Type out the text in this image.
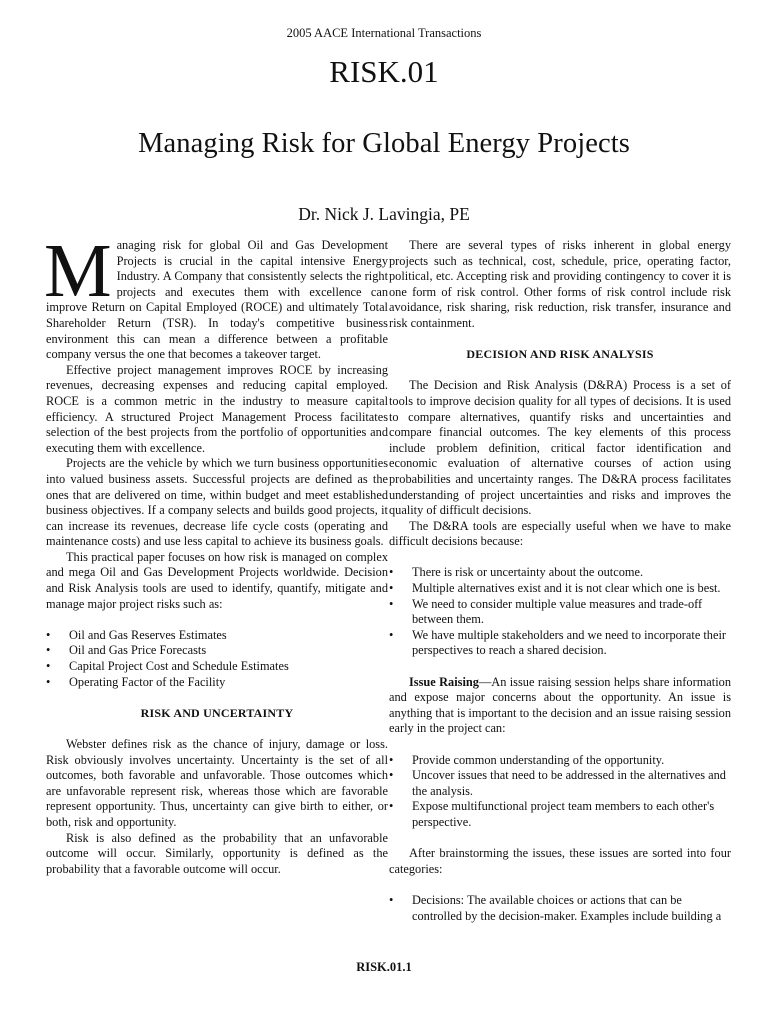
2005 AACE International Transactions
RISK.01
Managing Risk for Global Energy Projects
Dr. Nick J. Lavingia, PE

Managing risk for global Oil and Gas Development Projects is crucial in the capital intensive Energy Industry. A Company that consistently selects the right projects and executes them with excellence can improve Return on Capital Employed (ROCE) and ultimately Total Shareholder Return (TSR). In today's competitive business environment this can mean a difference between a profitable company versus the one that becomes a takeover target.

Effective project management improves ROCE by increasing revenues, decreasing expenses and reducing capital employed. ROCE is a common metric in the industry to measure capital efficiency. A structured Project Management Process facilitates selection of the best projects from the portfolio of opportunities and executing them with excellence.

Projects are the vehicle by which we turn business opportunities into valued business assets. Successful projects are defined as the ones that are delivered on time, within budget and meet established business objectives. If a company selects and builds good projects, it can increase its revenues, decrease life cycle costs (operating and maintenance costs) and use less capital to achieve its business goals.

This practical paper focuses on how risk is managed on complex and mega Oil and Gas Development Projects worldwide. Decision and Risk Analysis tools are used to identify, quantify, mitigate and manage major project risks such as:

• Oil and Gas Reserves Estimates
• Oil and Gas Price Forecasts
• Capital Project Cost and Schedule Estimates
• Operating Factor of the Facility
RISK AND UNCERTAINTY

Webster defines risk as the chance of injury, damage or loss. Risk obviously involves uncertainty. Uncertainty is the set of all outcomes, both favorable and unfavorable. Those outcomes which are unfavorable represent risk, whereas those which are favorable represent opportunity. Thus, uncertainty can give birth to either, or both, risk and opportunity.

Risk is also defined as the probability that an unfavorable outcome will occur. Similarly, opportunity is defined as the probability that a favorable outcome will occur.

There are several types of risks inherent in global energy projects such as technical, cost, schedule, price, operating factor, political, etc. Accepting risk and providing contingency to cover it is one form of risk control. Other forms of risk control include risk avoidance, risk sharing, risk reduction, risk transfer, insurance and risk containment.

DECISION AND RISK ANALYSIS

The Decision and Risk Analysis (D&RA) Process is a set of tools to improve decision quality for all types of decisions. It is used to compare alternatives, quantify risks and uncertainties and compare financial outcomes. The key elements of this process include problem definition, critical factor identification and economic evaluation of alternative courses of action using probabilities and uncertainty ranges. The D&RA process facilitates understanding of project uncertainties and risks and improves the quality of difficult decisions.

The D&RA tools are especially useful when we have to make difficult decisions because:

• There is risk or uncertainty about the outcome.
• Multiple alternatives exist and it is not clear which one is best.
• We need to consider multiple value measures and trade-off between them.
• We have multiple stakeholders and we need to incorporate their perspectives to reach a shared decision.

Issue Raising—An issue raising session helps share information and expose major concerns about the opportunity. An issue is anything that is important to the decision and an issue raising session early in the project can:

• Provide common understanding of the opportunity.
• Uncover issues that need to be addressed in the alternatives and the analysis.
• Expose multifunctional project team members to each other's perspective.

After brainstorming the issues, these issues are sorted into four categories:

• Decisions: The available choices or actions that can be controlled by the decision-maker. Examples include building a
RISK.01.1
